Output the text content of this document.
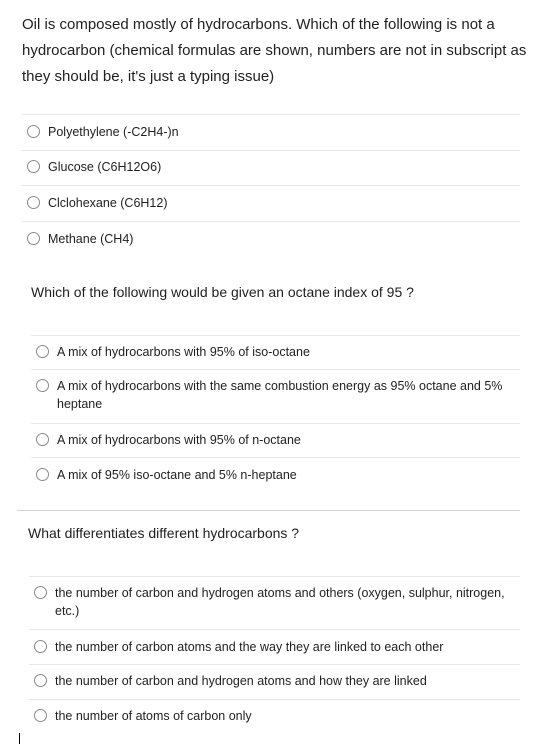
Oil is composed mostly of hydrocarbons. Which of the following is not a hydrocarbon (chemical formulas are shown, numbers are not in subscript as they should be, it's just a typing issue)
Polyethylene (-C2H4-)n
Glucose (C6H12O6)
Clclohexane (C6H12)
Methane (CH4)
Which of the following would be given an octane index of 95 ?
A mix of hydrocarbons with 95% of iso-octane
A mix of hydrocarbons with the same combustion energy as 95% octane and 5% heptane
A mix of hydrocarbons with 95% of n-octane
A mix of 95% iso-octane and 5% n-heptane
What differentiates different hydrocarbons ?
the number of carbon and hydrogen atoms and others (oxygen, sulphur, nitrogen, etc.)
the number of carbon atoms and the way they are linked to each other
the number of carbon and hydrogen atoms and how they are linked
the number of atoms of carbon only
